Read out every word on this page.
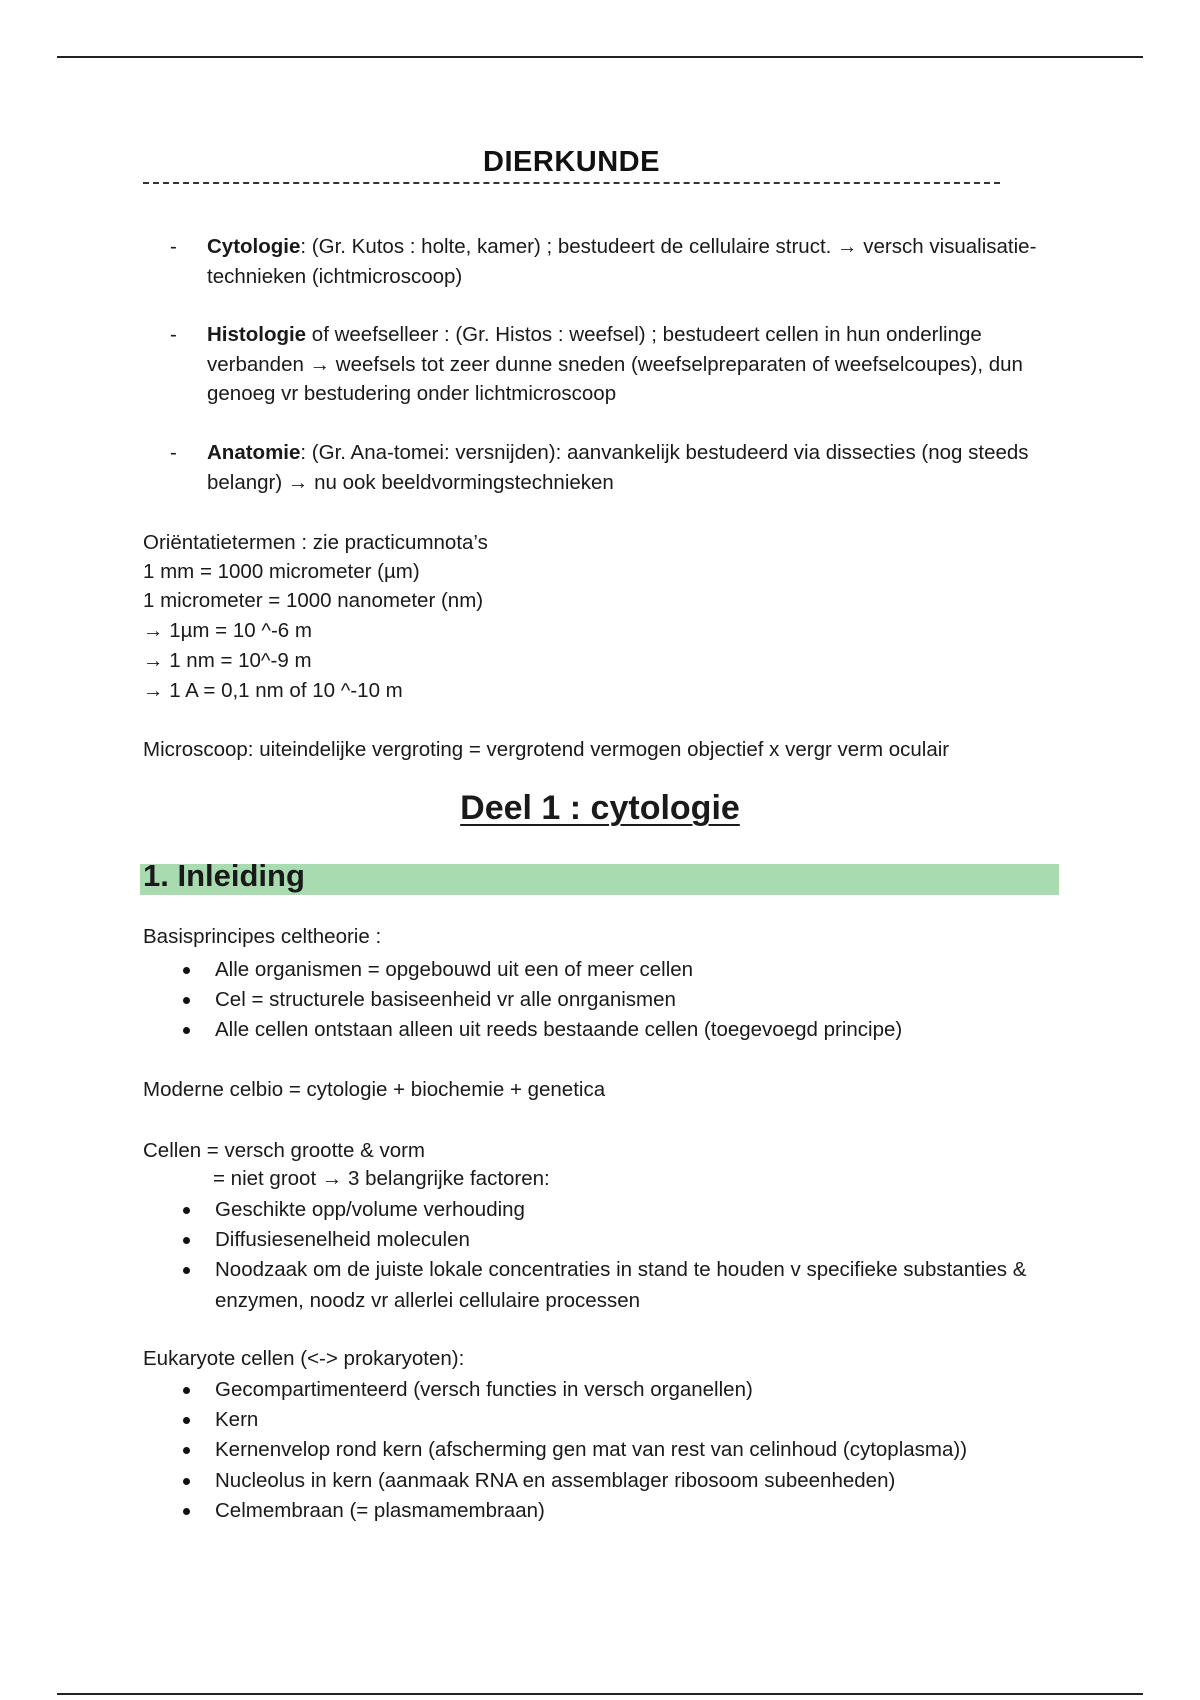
DIERKUNDE
-	Cytologie: (Gr. Kutos : holte, kamer) ; bestudeert de cellulaire struct. → versch visualisatie-technieken (ichtmicroscoop)
-	Histologie of weefselleer : (Gr. Histos : weefsel) ; bestudeert cellen in hun onderlinge verbanden → weefsels tot zeer dunne sneden (weefselpreparaten of weefselcoupes), dun genoeg vr bestudering onder lichtmicroscoop
-	Anatomie: (Gr. Ana-tomei: versnijden): aanvankelijk bestudeerd via dissecties (nog steeds belangr) → nu ook beeldvormingstechnieken
Oriëntatietermen : zie practicumnota’s
1 mm = 1000 micrometer (µm)
1 micrometer = 1000 nanometer (nm)
→ 1µm = 10 ^-6 m
→ 1 nm = 10^-9 m
→ 1 A = 0,1 nm of 10 ^-10 m
Microscoop: uiteindelijke vergroting = vergrotend vermogen objectief x vergr verm oculair
Deel 1 : cytologie
1. Inleiding
Basisprincipes celtheorie :
Alle organismen = opgebouwd uit een of meer cellen
Cel = structurele basiseenheid vr alle onrganismen
Alle cellen ontstaan alleen uit reeds bestaande cellen (toegevoegd principe)
Moderne celbio = cytologie + biochemie + genetica
Cellen = versch grootte & vorm
= niet groot → 3 belangrijke factoren:
Geschikte opp/volume verhouding
Diffusiesenelheid moleculen
Noodzaak om de juiste lokale concentraties in stand te houden v specifieke substanties & enzymen, noodz vr allerlei cellulaire processen
Eukaryote cellen (<-> prokaryoten):
Gecompartimenteerd (versch functies in versch organellen)
Kern
Kernenvelop rond kern (afscherming gen mat van rest van celinhoud (cytoplasma))
Nucleolus in kern (aanmaak RNA en assemblager ribosoom subeenheden)
Celmembraan (= plasmamembraan)
